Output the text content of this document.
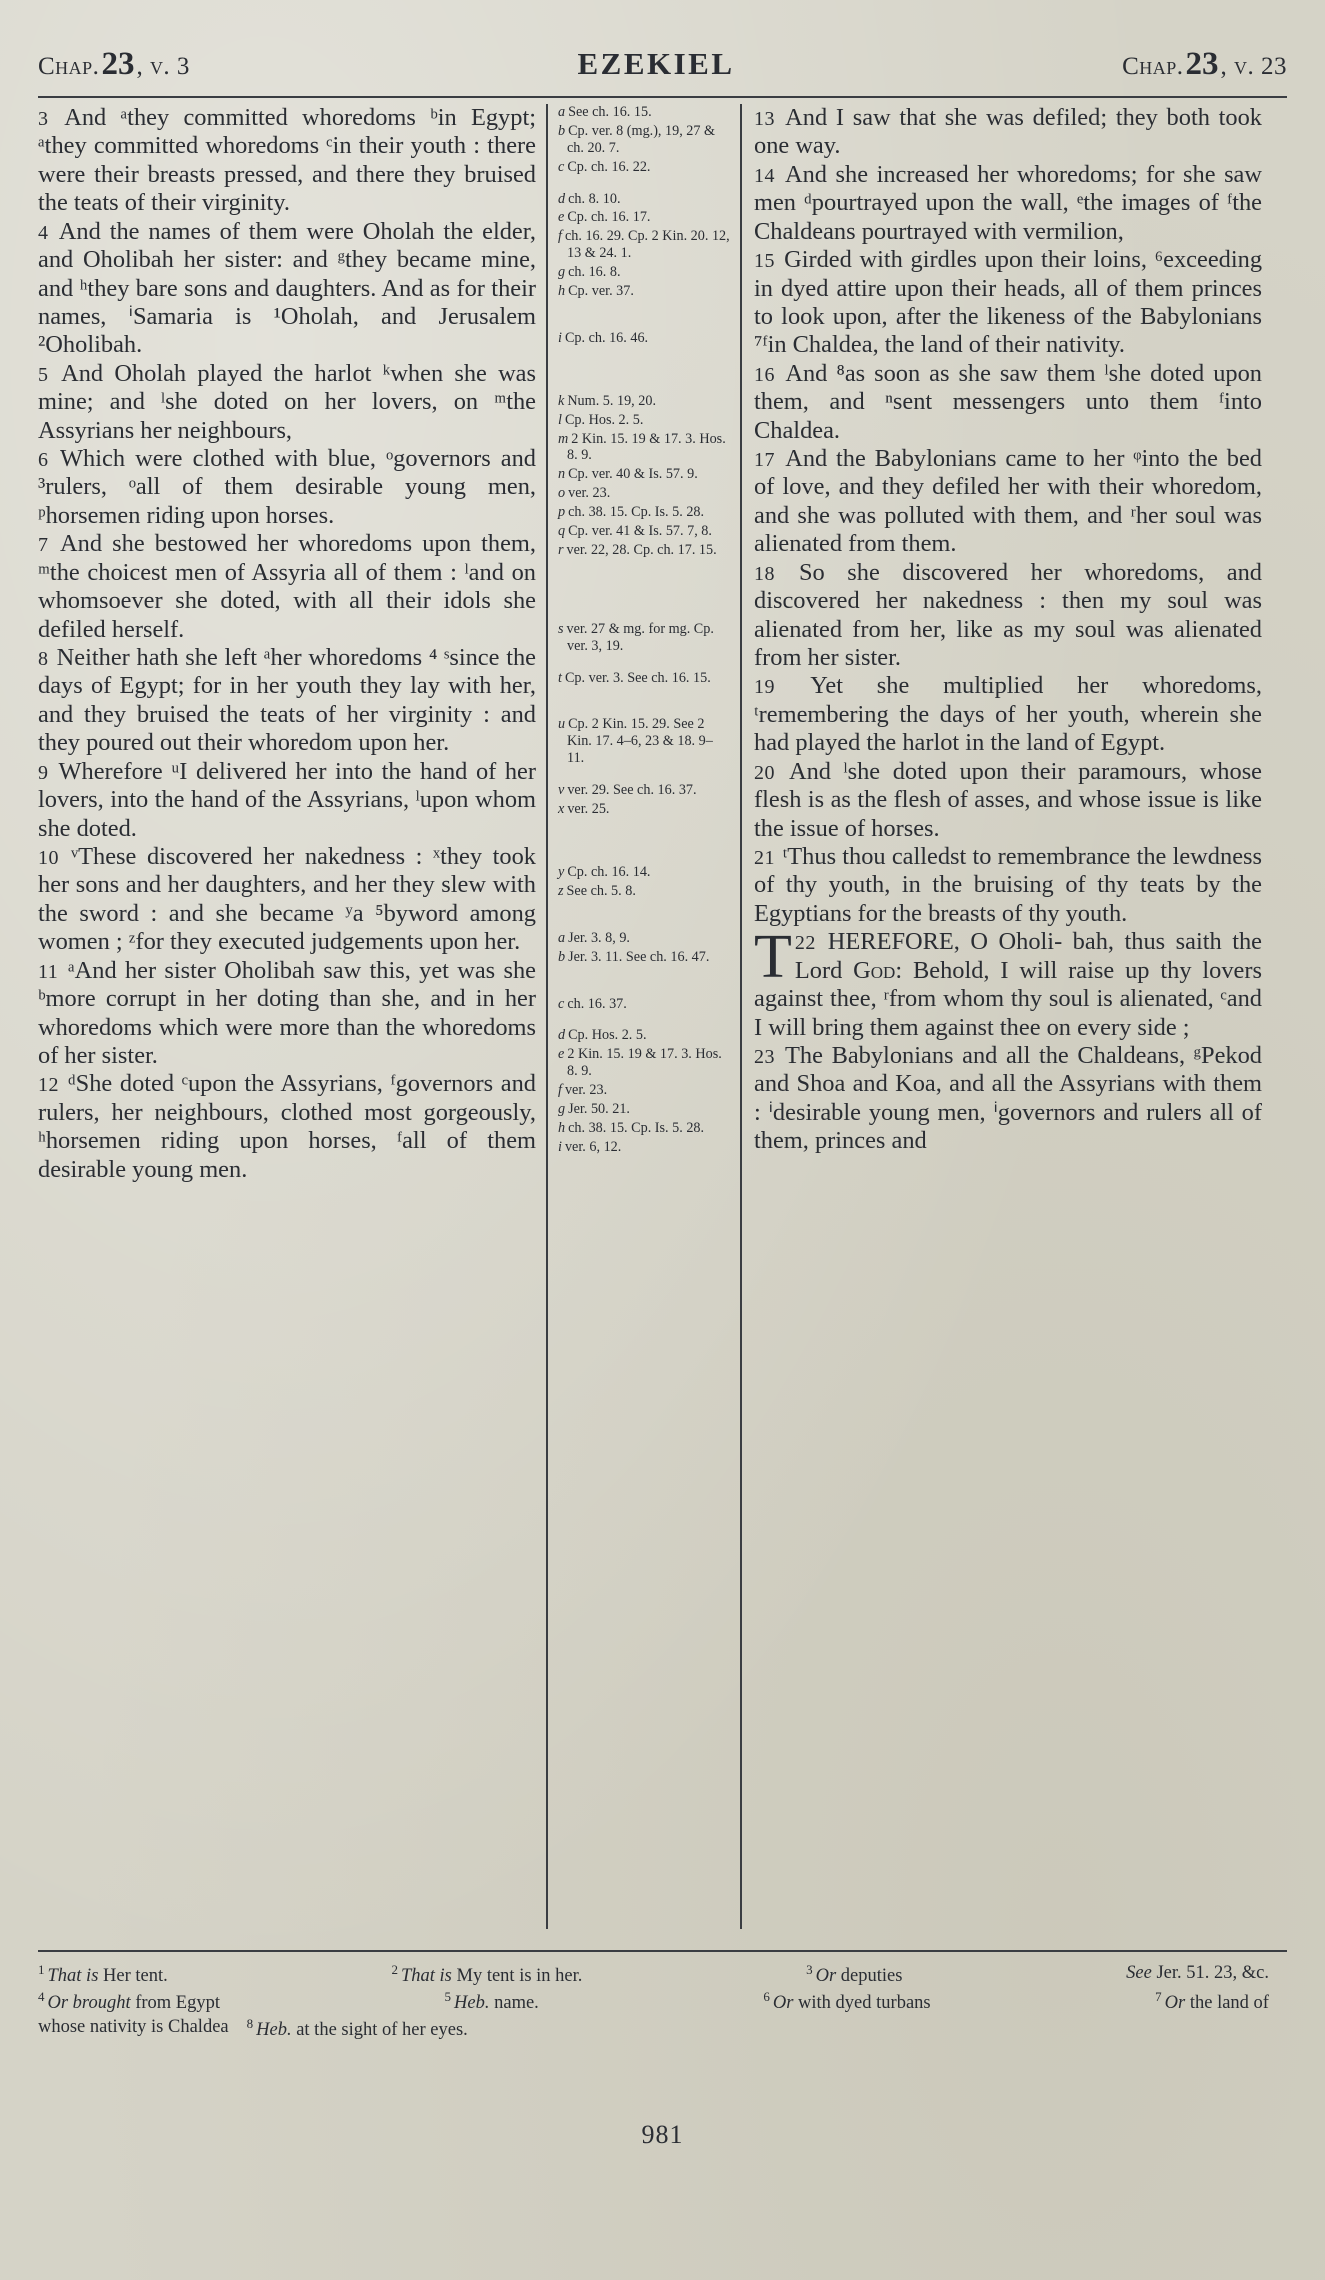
Chap.23, v. 3	EZEKIEL	Chap.23, v. 23

3 And ᵃthey committed whoredoms ᵇin Egypt; ᵃthey committed whoredoms ᶜin their youth : there were their breasts pressed, and there they bruised the teats of their virginity.

4 And the names of them were Oholah the elder, and Oholibah her sister: and ᵍthey became mine, and ʰthey bare sons and daughters. And as for their names, ⁱSamaria is ¹Oholah, and Jerusalem ²Oholibah.

5 And Oholah played the harlot ᵏwhen she was mine; and ˡshe doted on her lovers, on ᵐthe Assyrians her neighbours,

6 Which were clothed with blue, ᵒgovernors and ³rulers, ᵒall of them desirable young men, ᵖhorsemen riding upon horses.

7 And she bestowed her whoredoms upon them, ᵐthe choicest men of Assyria all of them : ˡand on whomsoever she doted, with all their idols she defiled herself.

8 Neither hath she left ᵃher whoredoms ⁴ ˢsince the days of Egypt; for in her youth they lay with her, and they bruised the teats of her virginity : and they poured out their whoredom upon her.

9 Wherefore ᵘI delivered her into the hand of her lovers, into the hand of the Assyrians, ˡupon whom she doted.

10 ᵛThese discovered her nakedness : ˣthey took her sons and her daughters, and her they slew with the sword : and she became ʸa ⁵byword among women ; ᶻfor they executed judgements upon her.

11 ᵃAnd her sister Oholibah saw this, yet was she ᵇmore corrupt in her doting than she, and in her whoredoms which were more than the whoredoms of her sister.

12 ᵈShe doted ᶜupon the Assyrians, ᶠgovernors and rulers, her neighbours, clothed most gorgeously, ʰhorsemen riding upon horses, ᶠall of them desirable young men.

a See ch. 16. 15.
b Cp. ver. 8 (mg.), 19, 27 & ch. 20. 7.
c Cp. ch. 16. 22.
d ch. 8. 10.
e Cp. ch. 16. 17.
f ch. 16. 29. Cp. 2 Kin. 20. 12, 13 & 24. 1.
g ch. 16. 8.
h Cp. ver. 37.
i Cp. ch. 16. 46.
k Num. 5. 19, 20.
l Cp. Hos. 2. 5.
m 2 Kin. 15. 19 & 17. 3. Hos. 8. 9.
n Cp. ver. 40 & Is. 57. 9.
o ver. 23.
p ch. 38. 15. Cp. Is. 5. 28.
q Cp. ver. 41 & Is. 57. 7, 8.
r ver. 22, 28. Cp. ch. 17. 15.
s ver. 27 & mg. for mg. Cp. ver. 3, 19.
t Cp. ver. 3. See ch. 16. 15.
u Cp. 2 Kin. 15. 29. See 2 Kin. 17. 4–6, 23 & 18. 9–11.
v ver. 29. See ch. 16. 37.
x ver. 25.
y Cp. ch. 16. 14.
z See ch. 5. 8.
a Jer. 3. 8, 9.
b Jer. 3. 11. See ch. 16. 47.
c ch. 16. 37.
d Cp. Hos. 2. 5.
e 2 Kin. 15. 19 & 17. 3. Hos. 8. 9.
f ver. 23.
g Jer. 50. 21.
h ch. 38. 15. Cp. Is. 5. 28.
i ver. 6, 12.

13 And I saw that she was defiled; they both took one way.

14 And she increased her whoredoms; for she saw men ᵈpourtrayed upon the wall, ᵉthe images of ᶠthe Chaldeans pourtrayed with vermilion,

15 Girded with girdles upon their loins, ⁶exceeding in dyed attire upon their heads, all of them princes to look upon, after the likeness of the Babylonians ⁷ᶠin Chaldea, the land of their nativity.

16 And ⁸as soon as she saw them ˡshe doted upon them, and ⁿsent messengers unto them ᶠinto Chaldea.

17 And the Babylonians came to her ᵠinto the bed of love, and they defiled her with their whoredom, and she was polluted with them, and ʳher soul was alienated from them.

18 So she discovered her whoredoms, and discovered her nakedness : then my soul was alienated from her, like as my soul was alienated from her sister.

19 Yet she multiplied her whoredoms, ᵗremembering the days of her youth, wherein she had played the harlot in the land of Egypt.

20 And ˡshe doted upon their paramours, whose flesh is as the flesh of asses, and whose issue is like the issue of horses.

21 ᵗThus thou calledst to remembrance the lewdness of thy youth, in the bruising of thy teats by the Egyptians for the breasts of thy youth.

22
T HEREFORE, O Oholi- bah, thus saith the Lord God: Behold, I will raise up thy lovers against thee, ʳfrom whom thy soul is alienated, ᶜand I will bring them against thee on every side ;

23 The Babylonians and all the Chaldeans, ᵍPekod and Shoa and Koa, and all the Assyrians with them : ⁱdesirable young men, ⁱgovernors and rulers all of them, princes and

$^1$ That is Her tent.	$^2$ That is My tent is in her.	$^3$ Or deputies	See Jer. 51. 23, &c.
$^4$ Or brought from Egypt	$^5$ Heb. name.	$^6$ Or with dyed turbans	$^7$ Or the land of
whose nativity is Chaldea	$^8$ Heb. at the sight of her eyes.
981
